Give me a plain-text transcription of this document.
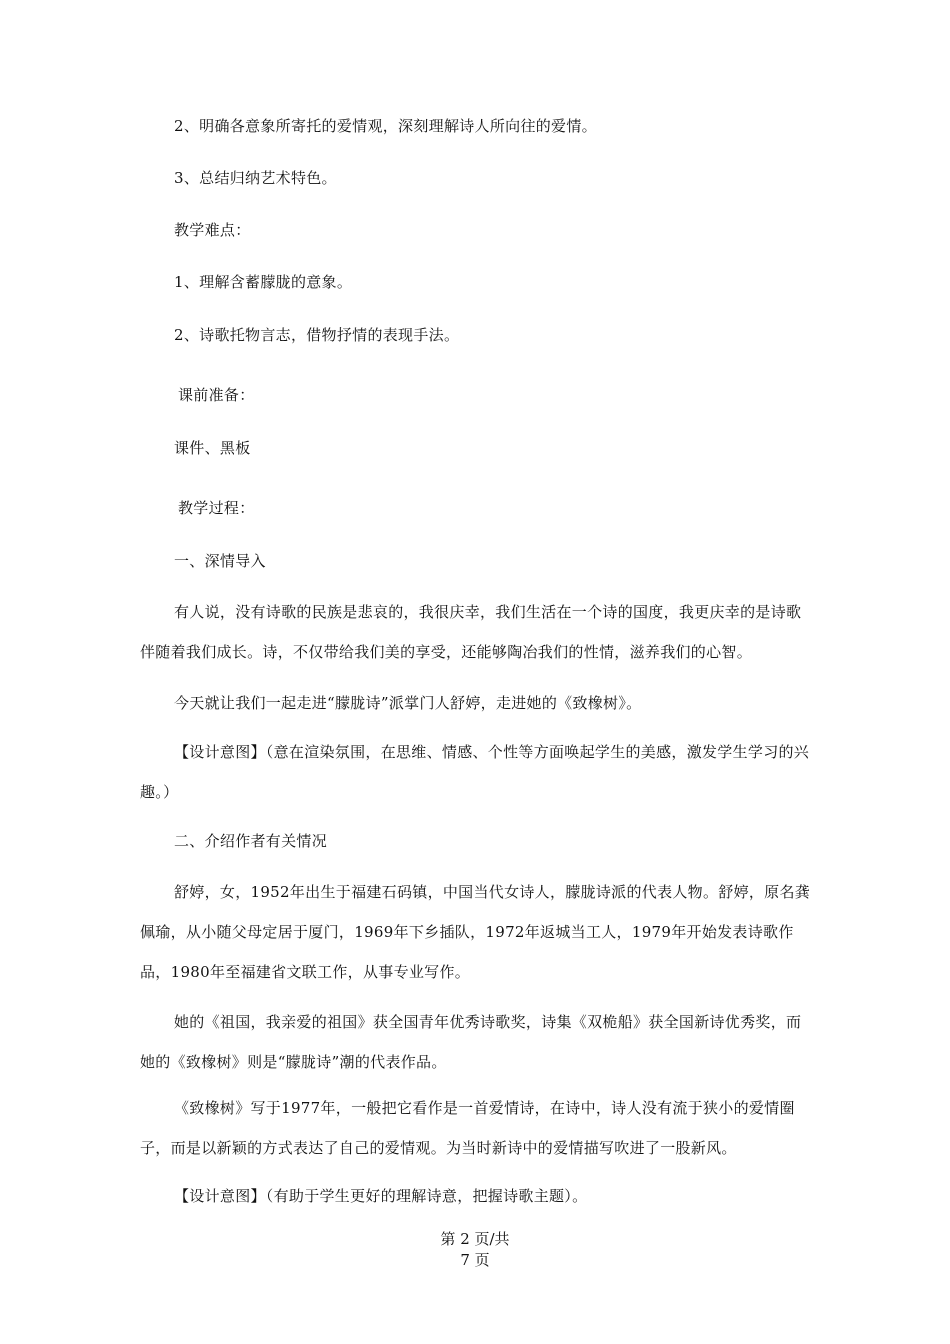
2、明确各意象所寄托的爱情观，深刻理解诗人所向往的爱情。
3、总结归纳艺术特色。
教学难点：
1、理解含蓄朦胧的意象。
2、诗歌托物言志，借物抒情的表现手法。
课前准备：
课件、黑板
教学过程：
一、深情导入
有人说，没有诗歌的民族是悲哀的，我很庆幸，我们生活在一个诗的国度，我更庆幸的是诗歌伴随着我们成长。诗，不仅带给我们美的享受，还能够陶冶我们的性情，滋养我们的心智。
今天就让我们一起走进“朦胧诗”派掌门人舒婷，走进她的《致橡树》。
【设计意图】（意在渲染氛围，在思维、情感、个性等方面唤起学生的美感，激发学生学习的兴趣。）
二、介绍作者有关情况
舒婷，女，1952年出生于福建石码镇，中国当代女诗人，朦胧诗派的代表人物。舒婷，原名龚佩瑜，从小随父母定居于厦门，1969年下乡插队，1972年返城当工人，1979年开始发表诗歌作品，1980年至福建省文联工作，从事专业写作。
她的《祖国，我亲爱的祖国》获全国青年优秀诗歌奖，诗集《双桅船》获全国新诗优秀奖，而她的《致橡树》则是“朦胧诗”潮的代表作品。
《致橡树》写于1977年，一般把它看作是一首爱情诗，在诗中，诗人没有流于狭小的爱情圈子，而是以新颖的方式表达了自己的爱情观。为当时新诗中的爱情描写吹进了一股新风。
【设计意图】（有助于学生更好的理解诗意，把握诗歌主题）。
第 2 页/共
7 页
